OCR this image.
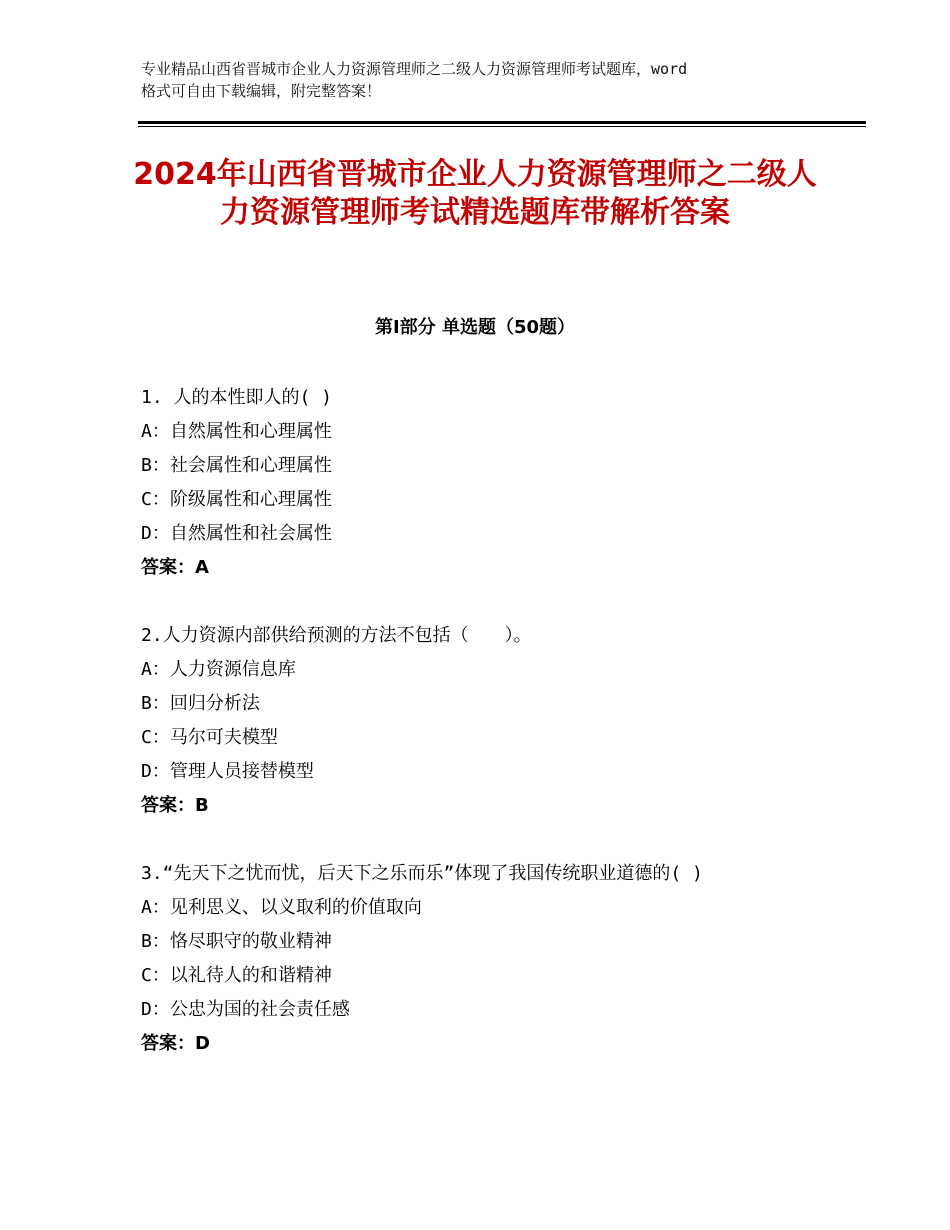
专业精品山西省晋城市企业人力资源管理师之二级人力资源管理师考试题库，word
格式可自由下载编辑，附完整答案！
2024年山西省晋城市企业人力资源管理师之二级人力资源管理师考试精选题库带解析答案
第Ⅰ部分 单选题（50题）
1. 人的本性即人的( )
A：自然属性和心理属性
B：社会属性和心理属性
C：阶级属性和心理属性
D：自然属性和社会属性
答案：A
2.人力资源内部供给预测的方法不包括（　　）。
A：人力资源信息库
B：回归分析法
C：马尔可夫模型
D：管理人员接替模型
答案：B
3.“先天下之忧而忧，后天下之乐而乐”体现了我国传统职业道德的( )
A：见利思义、以义取利的价值取向
B：恪尽职守的敬业精神
C：以礼待人的和谐精神
D：公忠为国的社会责任感
答案：D
